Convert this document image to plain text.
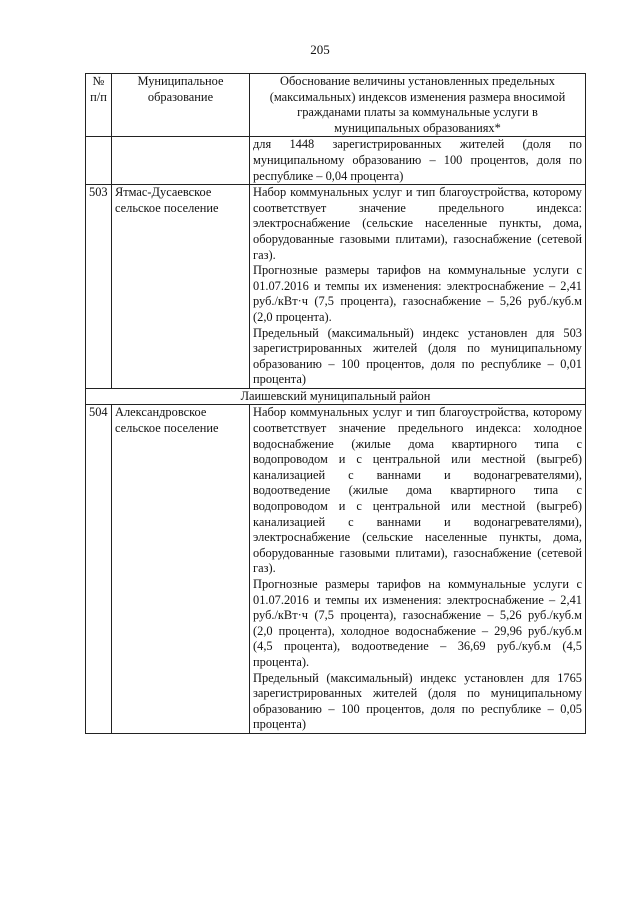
205
№ п/п	Муниципальное образование	Обоснование величины установленных предельных (максимальных) индексов изменения размера вносимой гражданами платы за коммунальные услуги в муниципальных образованиях*

		для 1448 зарегистрированных жителей (доля по муниципальному образованию – 100 процентов, доля по республике – 0,04 процента)

503	Ятмас-Дусаевское сельское поселение	Набор коммунальных услуг и тип благоустройства, которому соответствует значение предельного индекса: электроснабжение (сельские населенные пункты, дома, оборудованные газовыми плитами), газоснабжение (сетевой газ).

Прогнозные размеры тарифов на коммунальные услуги с 01.07.2016 и темпы их изменения: электроснабжение – 2,41 руб./кВт·ч (7,5 процента), газоснабжение – 5,26 руб./куб.м (2,0 процента).

Предельный (максимальный) индекс установлен для 503 зарегистрированных жителей (доля по муниципальному образованию – 100 процентов, доля по республике – 0,01 процента)

Лаишевский муниципальный район		
504	Александровское сельское поселение	Набор коммунальных услуг и тип благоустройства, которому соответствует значение предельного индекса: холодное водоснабжение (жилые дома квартирного типа с водопроводом и с центральной или местной (выгреб) канализацией с ваннами и водонагревателями), водоотведение (жилые дома квартирного типа с водопроводом и с центральной или местной (выгреб) канализацией с ваннами и водонагревателями), электроснабжение (сельские населенные пункты, дома, оборудованные газовыми плитами), газоснабжение (сетевой газ).

Прогнозные размеры тарифов на коммунальные услуги с 01.07.2016 и темпы их изменения: электроснабжение – 2,41 руб./кВт·ч (7,5 процента), газоснабжение – 5,26 руб./куб.м (2,0 процента), холодное водоснабжение – 29,96 руб./куб.м (4,5 процента), водоотведение – 36,69 руб./куб.м (4,5 процента).

Предельный (максимальный) индекс установлен для 1765 зарегистрированных жителей (доля по муниципальному образованию – 100 процентов, доля по республике – 0,05 процента)
